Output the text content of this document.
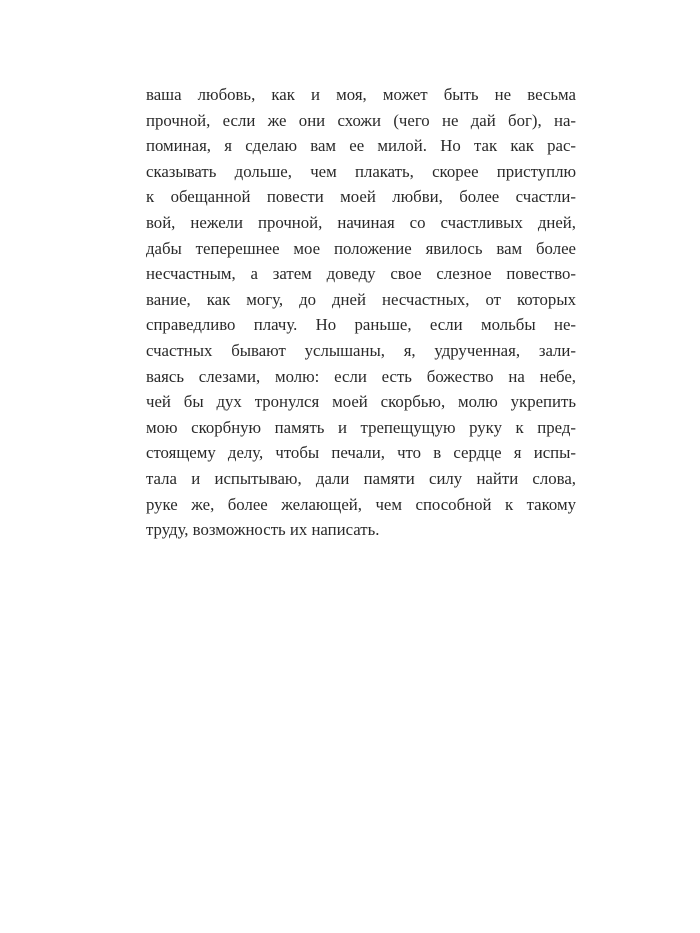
ваша любовь, как и моя, может быть не весьма
прочной, если же они схожи (чего не дай бог), на-
поминая, я сделаю вам ее милой. Но так как рас-
сказывать дольше, чем плакать, скорее приступлю
к обещанной повести моей любви, более счастли-
вой, нежели прочной, начиная со счастливых дней,
дабы теперешнее мое положение явилось вам более
несчастным, а затем доведу свое слезное повество-
вание, как могу, до дней несчастных, от которых
справедливо плачу. Но раньше, если мольбы не-
счастных бывают услышаны, я, удрученная, зали-
ваясь слезами, молю: если есть божество на небе,
чей бы дух тронулся моей скорбью, молю укрепить
мою скорбную память и трепещущую руку к пред-
стоящему делу, чтобы печали, что в сердце я испы-
тала и испытываю, дали памяти силу найти слова,
руке же, более желающей, чем способной к такому
труду, возможность их написать.
